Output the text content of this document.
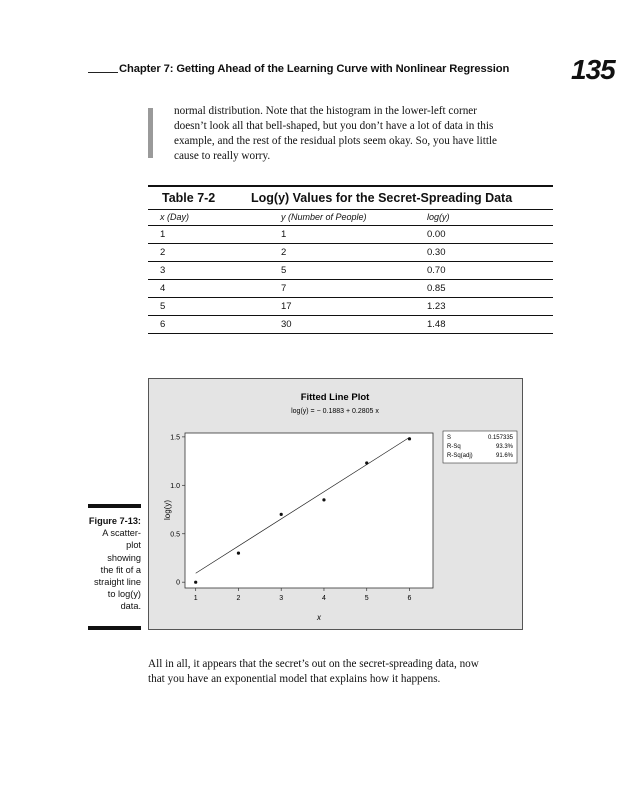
Chapter 7: Getting Ahead of the Learning Curve with Nonlinear Regression 135
normal distribution. Note that the histogram in the lower-left corner
doesn’t look all that bell-shaped, but you don’t have a lot of data in this
example, and the rest of the residual plots seem okay. So, you have little
cause to really worry.
Table 7-2	Log(y) Values for the Secret-Spreading Data
x (Day)	y (Number of People)	log(y)
1	1	0.00
2	2	0.30
3	5	0.70
4	7	0.85
5	17	1.23
6	30	1.48
Figure 7-13:
A scatter-
plot
showing
the fit of a
straight line
to log(y)
data.
Fitted Line Plot
log(y) = − 0.1883 + 0.2805 x
1	2	3	4	5	6
0
0.5
1.0
1.5
log(y)
x
S	0.157335
R-Sq	93.3%
R-Sq(adj)	91.6%
All in all, it appears that the secret’s out on the secret-spreading data, now
that you have an exponential model that explains how it happens.
